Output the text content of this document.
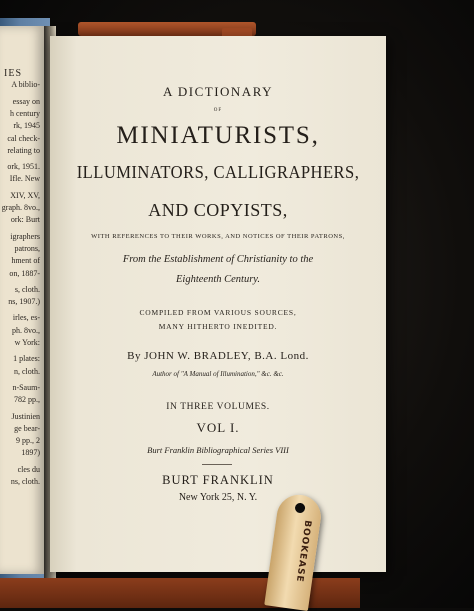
IES
A biblio-
essay on
h century
rk, 1945
cal check-
relating to
ork, 1951.
Ifle. New
XIV, XV,
graph. 8vo.,
ork: Burt
igraphers
patrons,
hment of
on, 1887-
s, cloth.
ns, 1907.)
irles, es-
ph. 8vo.,
w York:
1 plates:
n, cloth.
n-Saum-
782 pp.,
Justinien
ge bear-
9 pp., 2
1897)
cles du
ns, cloth.
A DICTIONARY
OF
MINIATURISTS,
ILLUMINATORS, CALLIGRAPHERS,
AND COPYISTS,
WITH REFERENCES TO THEIR WORKS, AND NOTICES OF THEIR PATRONS,
From the Establishment of Christianity to the
Eighteenth Century.
COMPILED FROM VARIOUS SOURCES,
MANY HITHERTO INEDITED.
By JOHN W. BRADLEY, B.A. Lond.
Author of "A Manual of Illumination," &c. &c.
IN THREE VOLUMES.
VOL I.
Burt Franklin Bibliographical Series VIII
BURT FRANKLIN
New York 25, N. Y.
BOOKEASE
